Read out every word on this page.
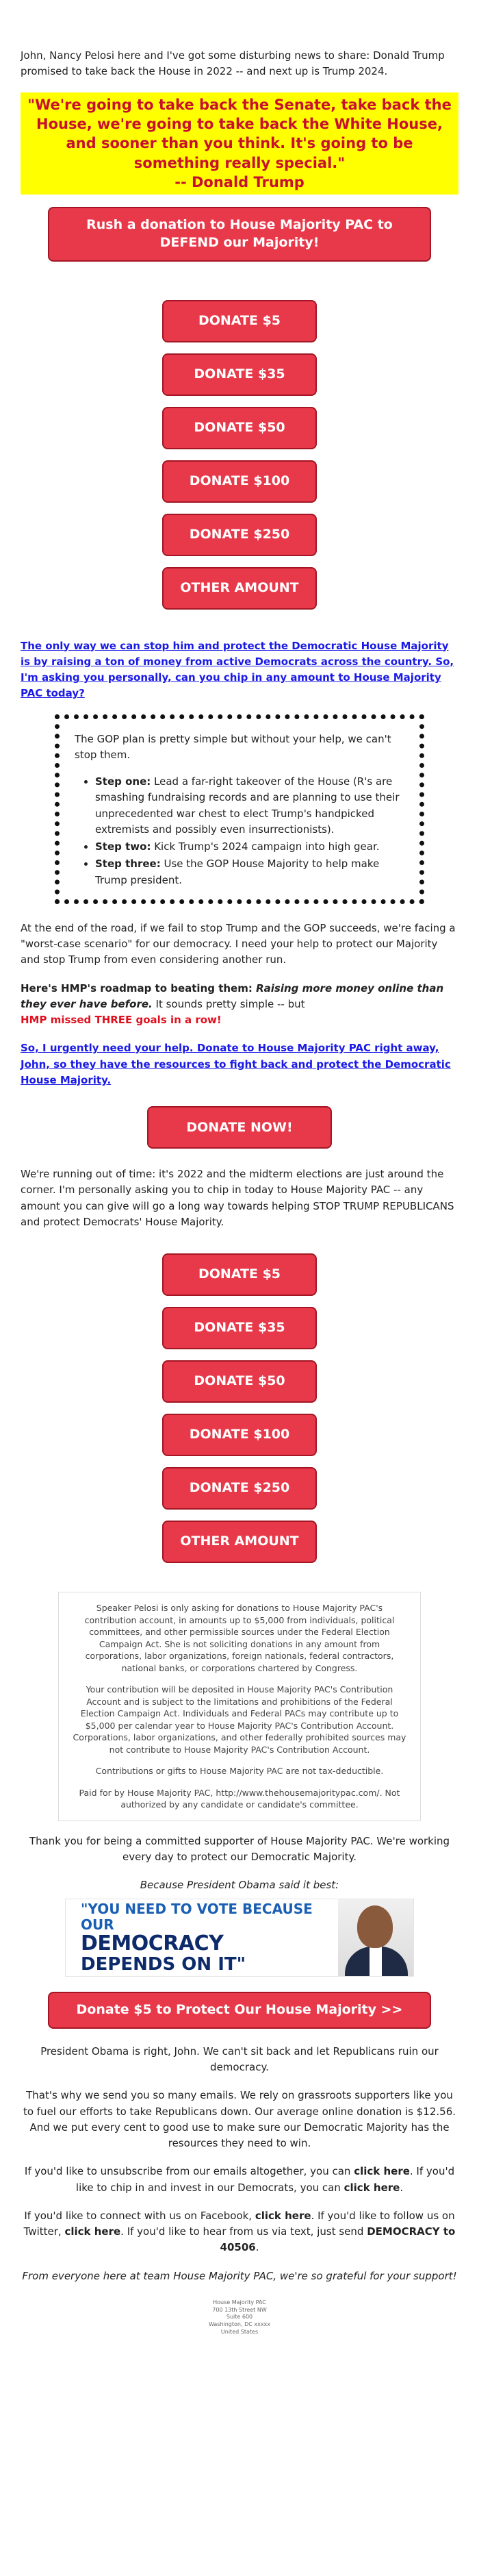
John, Nancy Pelosi here and I've got some disturbing news to share: Donald Trump promised to take back the House in 2022 -- and next up is Trump 2024.

"We're going to take back the Senate, take back the House, we're going to take back the White House, and sooner than you think. It's going to be something really special."
-- Donald Trump
Rush a donation to House Majority PAC to DEFEND our Majority!
DONATE $5
DONATE $35
DONATE $50
DONATE $100
DONATE $250
OTHER AMOUNT

The only way we can stop him and protect the Democratic House Majority is by raising a ton of money from active Democrats across the country. So, I'm asking you personally, can you chip in any amount to House Majority PAC today?

The GOP plan is pretty simple but without your help, we can't stop them.

• Step one: Lead a far-right takeover of the House (R's are smashing fundraising records and are planning to use their unprecedented war chest to elect Trump's handpicked extremists and possibly even insurrectionists).
• Step two: Kick Trump's 2024 campaign into high gear.
• Step three: Use the GOP House Majority to help make Trump president.

At the end of the road, if we fail to stop Trump and the GOP succeeds, we're facing a "worst-case scenario" for our democracy. I need your help to protect our Majority and stop Trump from even considering another run.

Here's HMP's roadmap to beating them: Raising more money online than they ever have before. It sounds pretty simple -- but
HMP missed THREE goals in a row!

So, I urgently need your help. Donate to House Majority PAC right away, John, so they have the resources to fight back and protect the Democratic House Majority.

DONATE NOW!

We're running out of time: it's 2022 and the midterm elections are just around the corner. I'm personally asking you to chip in today to House Majority PAC -- any amount you can give will go a long way towards helping STOP TRUMP REPUBLICANS and protect Democrats' House Majority.

DONATE $5
DONATE $35
DONATE $50
DONATE $100
DONATE $250
OTHER AMOUNT

Speaker Pelosi is only asking for donations to House Majority PAC's contribution account, in amounts up to $5,000 from individuals, political committees, and other permissible sources under the Federal Election Campaign Act. She is not soliciting donations in any amount from corporations, labor organizations, foreign nationals, federal contractors, national banks, or corporations chartered by Congress.

Your contribution will be deposited in House Majority PAC's Contribution Account and is subject to the limitations and prohibitions of the Federal Election Campaign Act. Individuals and Federal PACs may contribute up to $5,000 per calendar year to House Majority PAC's Contribution Account. Corporations, labor organizations, and other federally prohibited sources may not contribute to House Majority PAC's Contribution Account.

Contributions or gifts to House Majority PAC are not tax-deductible.

Paid for by House Majority PAC, http://www.thehousemajoritypac.com/. Not authorized by any candidate or candidate's committee.

Thank you for being a committed supporter of House Majority PAC. We're working every day to protect our Democratic Majority.

Because President Obama said it best:

"YOU NEED TO VOTE BECAUSE OUR
DEMOCRACY
DEPENDS ON IT"
Donate $5 to Protect Our House Majority >>

President Obama is right, John. We can't sit back and let Republicans ruin our democracy.

That's why we send you so many emails. We rely on grassroots supporters like you to fuel our efforts to take Republicans down. Our average online donation is $12.56. And we put every cent to good use to make sure our Democratic Majority has the resources they need to win.

If you'd like to unsubscribe from our emails altogether, you can click here. If you'd like to chip in and invest in our Democrats, you can click here.

If you'd like to connect with us on Facebook, click here. If you'd like to follow us on Twitter, click here. If you'd like to hear from us via text, just send DEMOCRACY to 40506.

From everyone here at team House Majority PAC, we're so grateful for your support!

House Majority PAC
700 13th Street NW
Suite 600
Washington, DC xxxxx
United States
